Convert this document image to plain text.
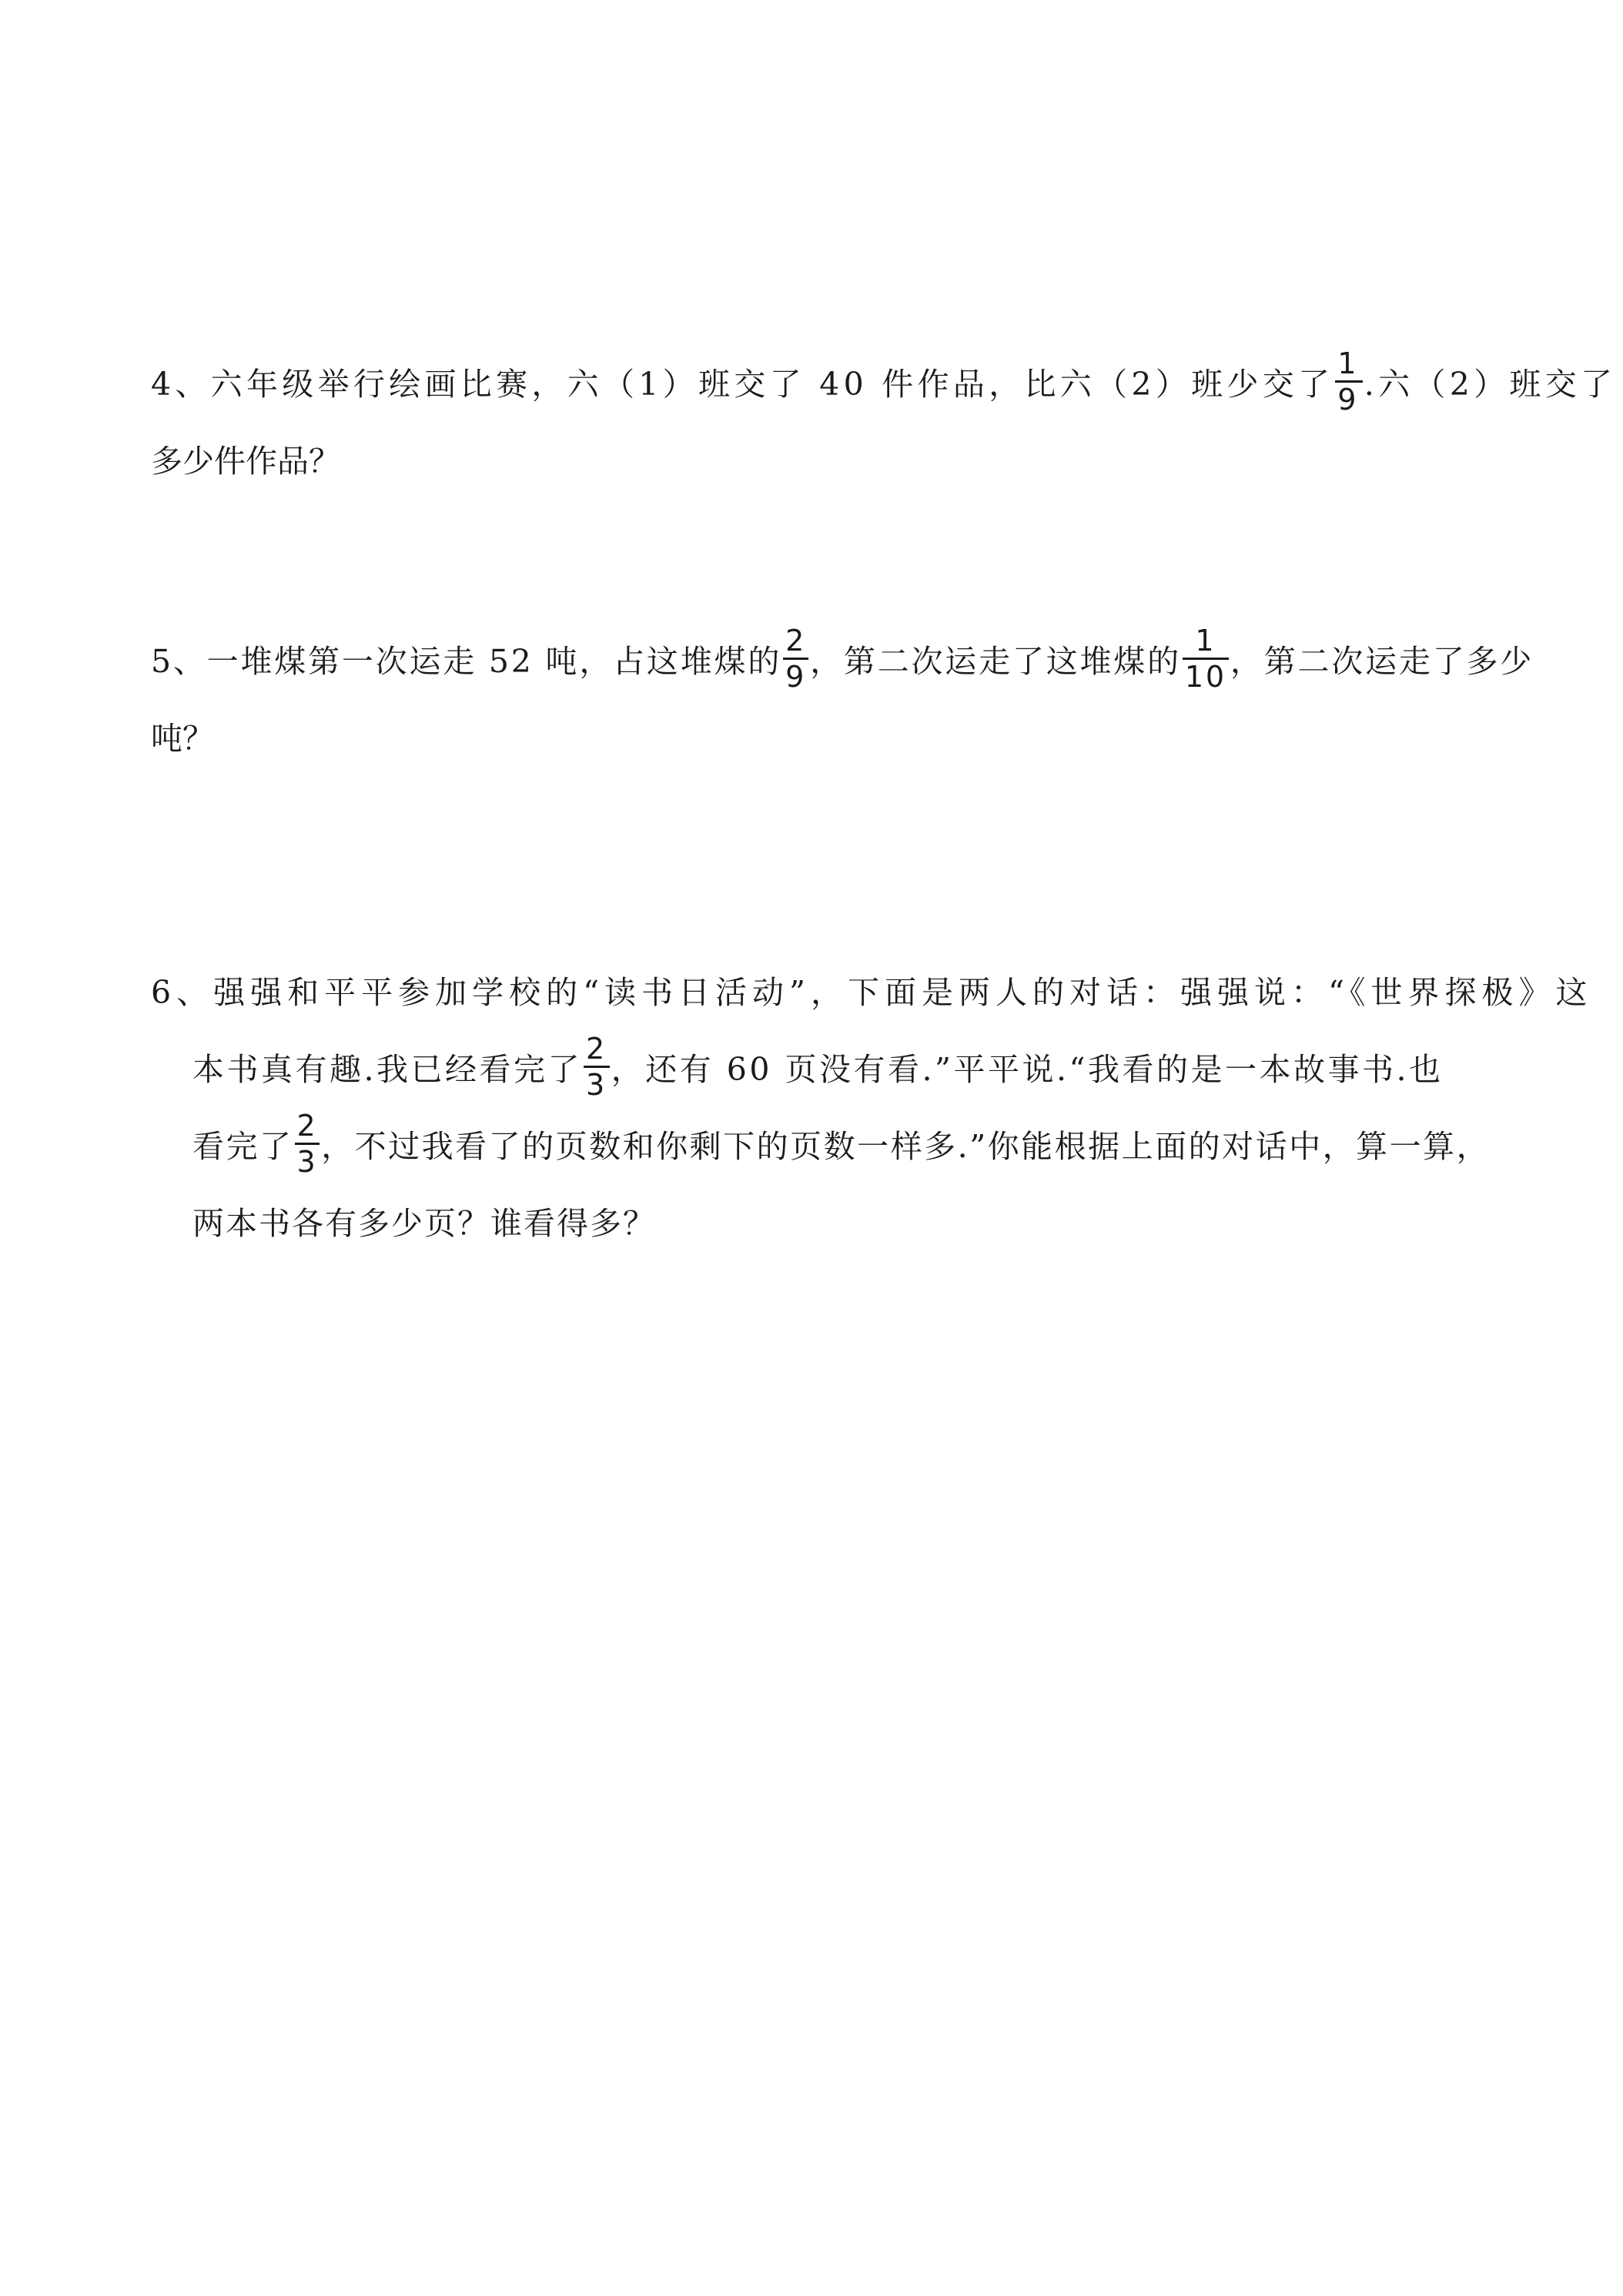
4、六年级举行绘画比赛，六（1）班交了 40 件作品，比六（2）班少交了 $\frac{1}{9}$ .六（2）班交了
多少件作品？
5、一堆煤第一次运走 52 吨，占这堆煤的 $\frac{2}{9}$ ，第二次运走了这堆煤的 $\frac{1}{10}$ ，第二次运走了多少
吨？
6、强强和平平参加学校的“读书日活动”，下面是两人的对话：强强说：“《世界探极》这
本书真有趣.我已经看完了 $\frac{2}{3}$ ，还有 60 页没有看.”平平说.“我看的是一本故事书.也
看完了 $\frac{2}{3}$ ，不过我看了的页数和你剩下的页数一样多.”你能根据上面的对话中，算一算，
两本书各有多少页？谁看得多？
